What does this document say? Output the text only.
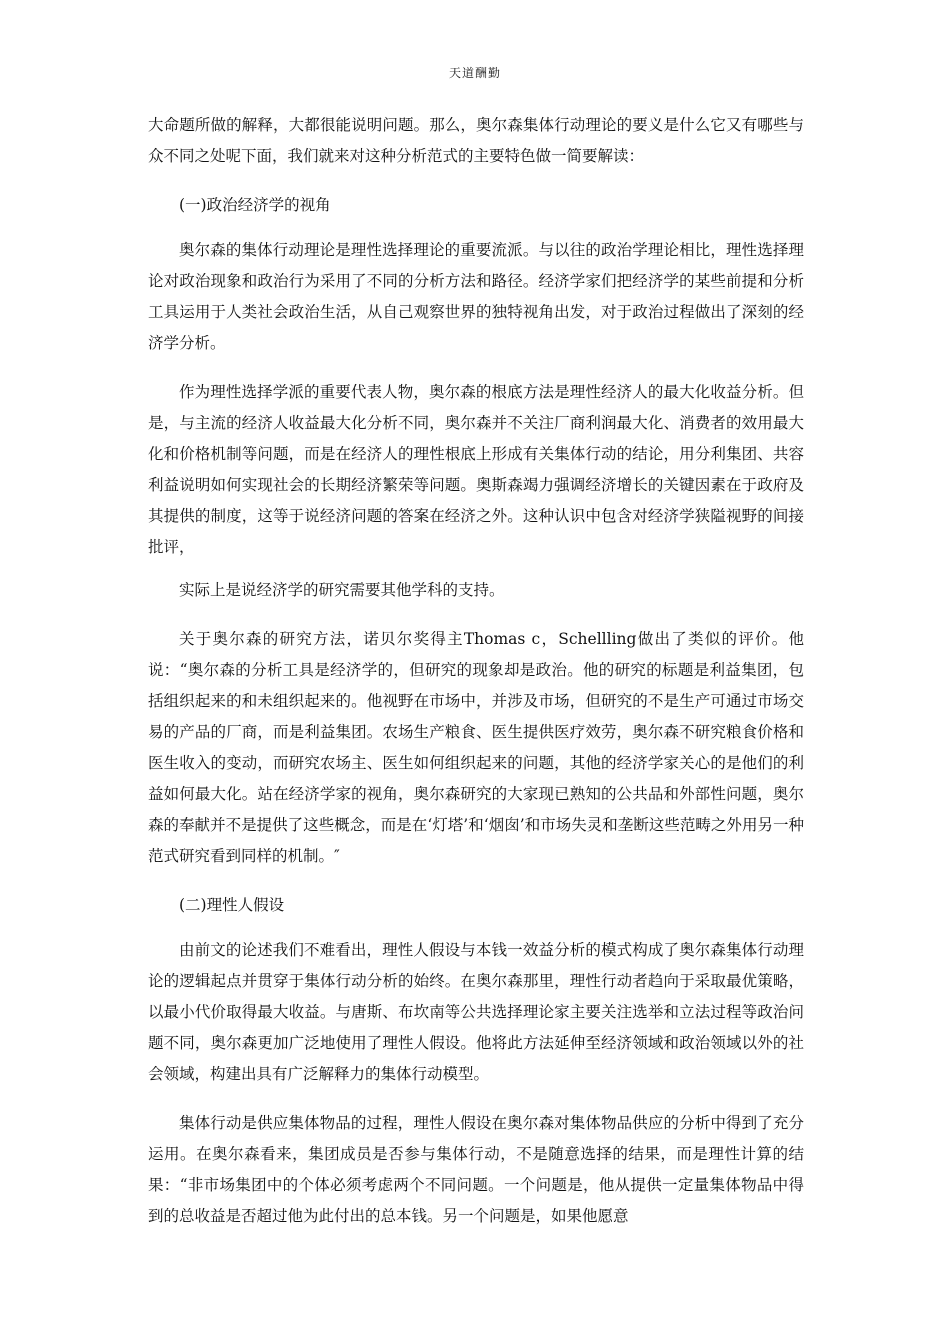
天道酬勤

大命题所做的解释，大都很能说明问题。那么，奥尔森集体行动理论的要义是什么它又有哪些与众不同之处呢下面，我们就来对这种分析范式的主要特色做一简要解读：

(一)政治经济学的视角

奥尔森的集体行动理论是理性选择理论的重要流派。与以往的政治学理论相比，理性选择理论对政治现象和政治行为采用了不同的分析方法和路径。经济学家们把经济学的某些前提和分析工具运用于人类社会政治生活，从自己观察世界的独特视角出发，对于政治过程做出了深刻的经济学分析。

作为理性选择学派的重要代表人物，奥尔森的根底方法是理性经济人的最大化收益分析。但是，与主流的经济人收益最大化分析不同，奥尔森并不关注厂商利润最大化、消费者的效用最大化和价格机制等问题，而是在经济人的理性根底上形成有关集体行动的结论，用分利集团、共容利益说明如何实现社会的长期经济繁荣等问题。奥斯森竭力强调经济增长的关键因素在于政府及其提供的制度，这等于说经济问题的答案在经济之外。这种认识中包含对经济学狭隘视野的间接批评，

实际上是说经济学的研究需要其他学科的支持。

关于奥尔森的研究方法，诺贝尔奖得主Thomas c，Schellling做出了类似的评价。他说：“奥尔森的分析工具是经济学的，但研究的现象却是政治。他的研究的标题是利益集团，包括组织起来的和未组织起来的。他视野在市场中，并涉及市场，但研究的不是生产可通过市场交易的产品的厂商，而是利益集团。农场生产粮食、医生提供医疗效劳，奥尔森不研究粮食价格和医生收入的变动，而研究农场主、医生如何组织起来的问题，其他的经济学家关心的是他们的利益如何最大化。站在经济学家的视角，奥尔森研究的大家现已熟知的公共品和外部性问题，奥尔森的奉献并不是提供了这些概念，而是在‘灯塔’和‘烟囱’和市场失灵和垄断这些范畴之外用另一种范式研究看到同样的机制。″

(二)理性人假设

由前文的论述我们不难看出，理性人假设与本钱一效益分析的模式构成了奥尔森集体行动理论的逻辑起点并贯穿于集体行动分析的始终。在奥尔森那里，理性行动者趋向于采取最优策略，以最小代价取得最大收益。与唐斯、布坎南等公共选择理论家主要关注选举和立法过程等政治问题不同，奥尔森更加广泛地使用了理性人假设。他将此方法延伸至经济领域和政治领域以外的社会领域，构建出具有广泛解释力的集体行动模型。

集体行动是供应集体物品的过程，理性人假设在奥尔森对集体物品供应的分析中得到了充分运用。在奥尔森看来，集团成员是否参与集体行动，不是随意选择的结果，而是理性计算的结果：“非市场集团中的个体必须考虑两个不同问题。一个问题是，他从提供一定量集体物品中得到的总收益是否超过他为此付出的总本钱。另一个问题是，如果他愿意
